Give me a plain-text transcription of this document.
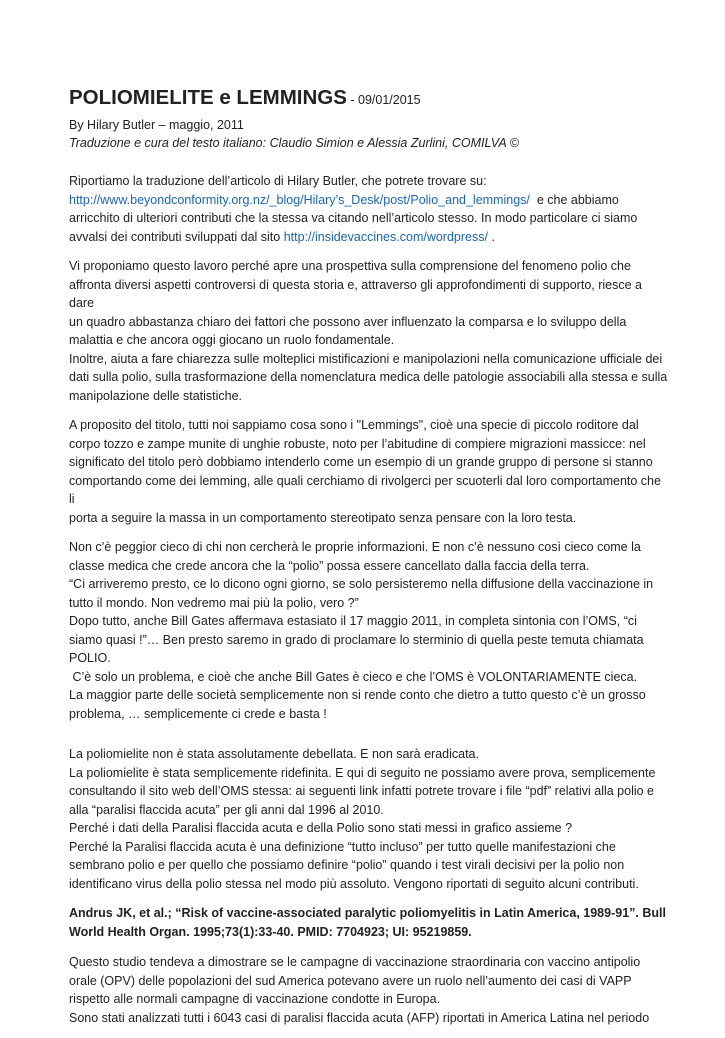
POLIOMIELITE e LEMMINGS - 09/01/2015
By Hilary Butler – maggio, 2011
Traduzione e cura del testo italiano: Claudio Simion e Alessia Zurlini, COMILVA ©

Riportiamo la traduzione dell’articolo di Hilary Butler, che potrete trovare su:
http://www.beyondconformity.org.nz/_blog/Hilary’s_Desk/post/Polio_and_lemmings/  e che abbiamo
arricchito di ulteriori contributi che la stessa va citando nell’articolo stesso. In modo particolare ci siamo
avvalsi dei contributi sviluppati dal sito http://insidevaccines.com/wordpress/ .

Vi proponiamo questo lavoro perché apre una prospettiva sulla comprensione del fenomeno polio che
affronta diversi aspetti controversi di questa storia e, attraverso gli approfondimenti di supporto, riesce a dare
un quadro abbastanza chiaro dei fattori che possono aver influenzato la comparsa e lo sviluppo della
malattia e che ancora oggi giocano un ruolo fondamentale.
Inoltre, aiuta a fare chiarezza sulle molteplici mistificazioni e manipolazioni nella comunicazione ufficiale dei
dati sulla polio, sulla trasformazione della nomenclatura medica delle patologie associabili alla stessa e sulla
manipolazione delle statistiche.

A proposito del titolo, tutti noi sappiamo cosa sono i "Lemmings", cioè una specie di piccolo roditore dal
corpo tozzo e zampe munite di unghie robuste, noto per l’abitudine di compiere migrazioni massicce: nel
significato del titolo però dobbiamo intenderlo come un esempio di un grande gruppo di persone si stanno
comportando come dei lemming, alle quali cerchiamo di rivolgerci per scuoterli dal loro comportamento che li
porta a seguire la massa in un comportamento stereotipato senza pensare con la loro testa.

Non c’è peggior cieco di chi non cercherà le proprie informazioni. E non c’è nessuno così cieco come la
classe medica che crede ancora che la “polio” possa essere cancellato dalla faccia della terra.
“Ci arriveremo presto, ce lo dicono ogni giorno, se solo persisteremo nella diffusione della vaccinazione in
tutto il mondo. Non vedremo mai più la polio, vero ?”
Dopo tutto, anche Bill Gates affermava estasiato il 17 maggio 2011, in completa sintonia con l’OMS, “ci
siamo quasi !”… Ben presto saremo in grado di proclamare lo sterminio di quella peste temuta chiamata
POLIO.
C’è solo un problema, e cioè che anche Bill Gates è cieco e che l’OMS è VOLONTARIAMENTE cieca.
La maggior parte delle società semplicemente non si rende conto che dietro a tutto questo c’è un grosso
problema, … semplicemente ci crede e basta !

La poliomielite non è stata assolutamente debellata. E non sarà eradicata.
La poliomielite è stata semplicemente ridefinita. E qui di seguito ne possiamo avere prova, semplicemente
consultando il sito web dell’OMS stessa: ai seguenti link infatti potrete trovare i file “pdf” relativi alla polio e
alla “paralisi flaccida acuta” per gli anni dal 1996 al 2010.
Perché i dati della Paralisi flaccida acuta e della Polio sono stati messi in grafico assieme ?
Perché la Paralisi flaccida acuta è una definizione “tutto incluso” per tutto quelle manifestazioni che
sembrano polio e per quello che possiamo definire “polio” quando i test virali decisivi per la polio non
identificano virus della polio stessa nel modo più assoluto. Vengono riportati di seguito alcuni contributi.

Andrus JK, et al.; “Risk of vaccine-associated paralytic poliomyelitis in Latin America, 1989-91”. Bull
World Health Organ. 1995;73(1):33-40. PMID: 7704923; UI: 95219859.

Questo studio tendeva a dimostrare se le campagne di vaccinazione straordinaria con vaccino antipolio
orale (OPV) delle popolazioni del sud America potevano avere un ruolo nell’aumento dei casi di VAPP
rispetto alle normali campagne di vaccinazione condotte in Europa.
Sono stati analizzati tutti i 6043 casi di paralisi flaccida acuta (AFP) riportati in America Latina nel periodo
